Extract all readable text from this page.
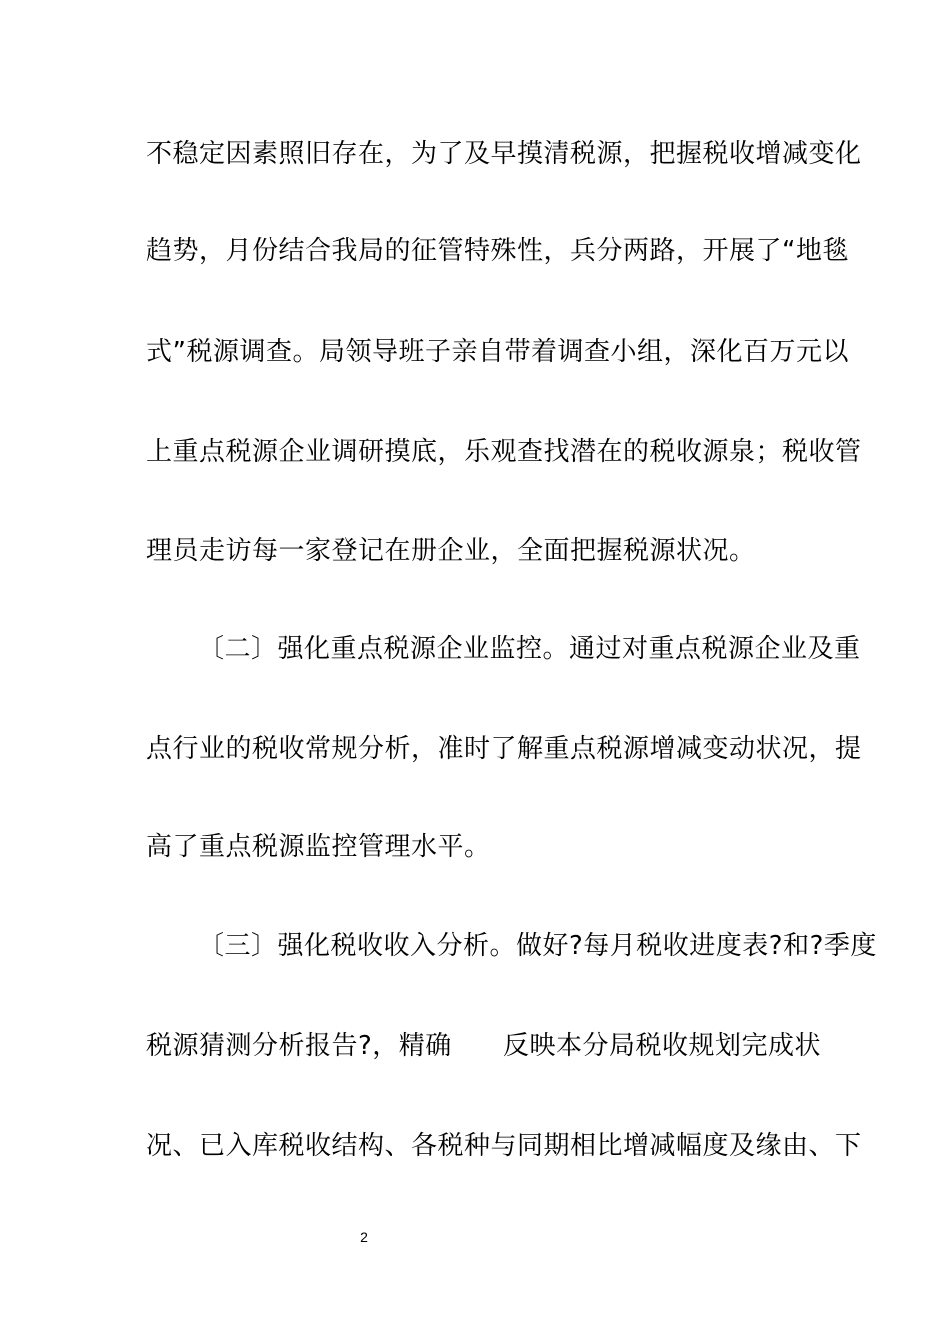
不稳定因素照旧存在，为了及早摸清税源，把握税收增减变化
趋势，月份结合我局的征管特殊性，兵分两路，开展了“地毯
式”税源调查。局领导班子亲自带着调查小组，深化百万元以
上重点税源企业调研摸底，乐观查找潜在的税收源泉；税收管
理员走访每一家登记在册企业，全面把握税源状况。
〔二〕强化重点税源企业监控。通过对重点税源企业及重
点行业的税收常规分析，准时了解重点税源增减变动状况，提
高了重点税源监控管理水平。
〔三〕强化税收收入分析。做好?每月税收进度表?和?季度
税源猜测分析报告?，精确 反映本分局税收规划完成状
况、已入库税收结构、各税种与同期相比增减幅度及缘由、下
2
